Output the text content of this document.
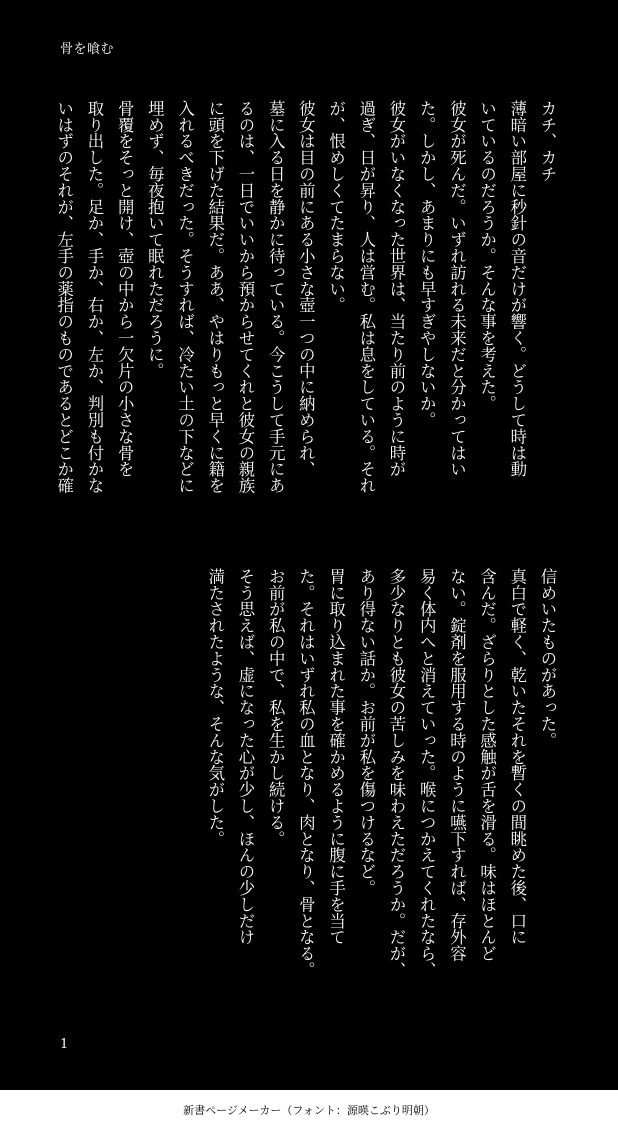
骨を喰む
カチ、カチ
薄暗い部屋に秒針の音だけが響く。どうして時は動
いているのだろうか。そんな事を考えた。
彼女が死んだ。いずれ訪れる未来だと分かってはい
た。しかし、あまりにも早すぎやしないか。
彼女がいなくなった世界は、当たり前のように時が
過ぎ、日が昇り、人は営む。私は息をしている。それ
が、恨めしくてたまらない。
彼女は目の前にある小さな壺一つの中に納められ、
墓に入る日を静かに待っている。今こうして手元にあ
るのは、一日でいいから預からせてくれと彼女の親族
に頭を下げた結果だ。ああ、やはりもっと早くに籍を
入れるべきだった。そうすれば、冷たい土の下などに
埋めず、毎夜抱いて眠れただろうに。
骨覆をそっと開け、壺の中から一欠片の小さな骨を
取り出した。足か、手か、右か、左か、判別も付かな
いはずのそれが、左手の薬指のものであるとどこか確
信めいたものがあった。
真白で軽く、乾いたそれを暫くの間眺めた後、口に
含んだ。ざらりとした感触が舌を滑る。味はほとんど
ない。錠剤を服用する時のように嚥下すれば、存外容
易く体内へと消えていった。喉につかえてくれたなら、
多少なりとも彼女の苦しみを味わえただろうか。だが、
あり得ない話か。お前が私を傷つけるなど。
胃に取り込まれた事を確かめるように腹に手を当て
た。それはいずれ私の血となり、肉となり、骨となる。
お前が私の中で、私を生かし続ける。
そう思えば、虚になった心が少し、ほんの少しだけ
満たされたような、そんな気がした。
1
新書ページメーカー（フォント：源暎こぶり明朝）
